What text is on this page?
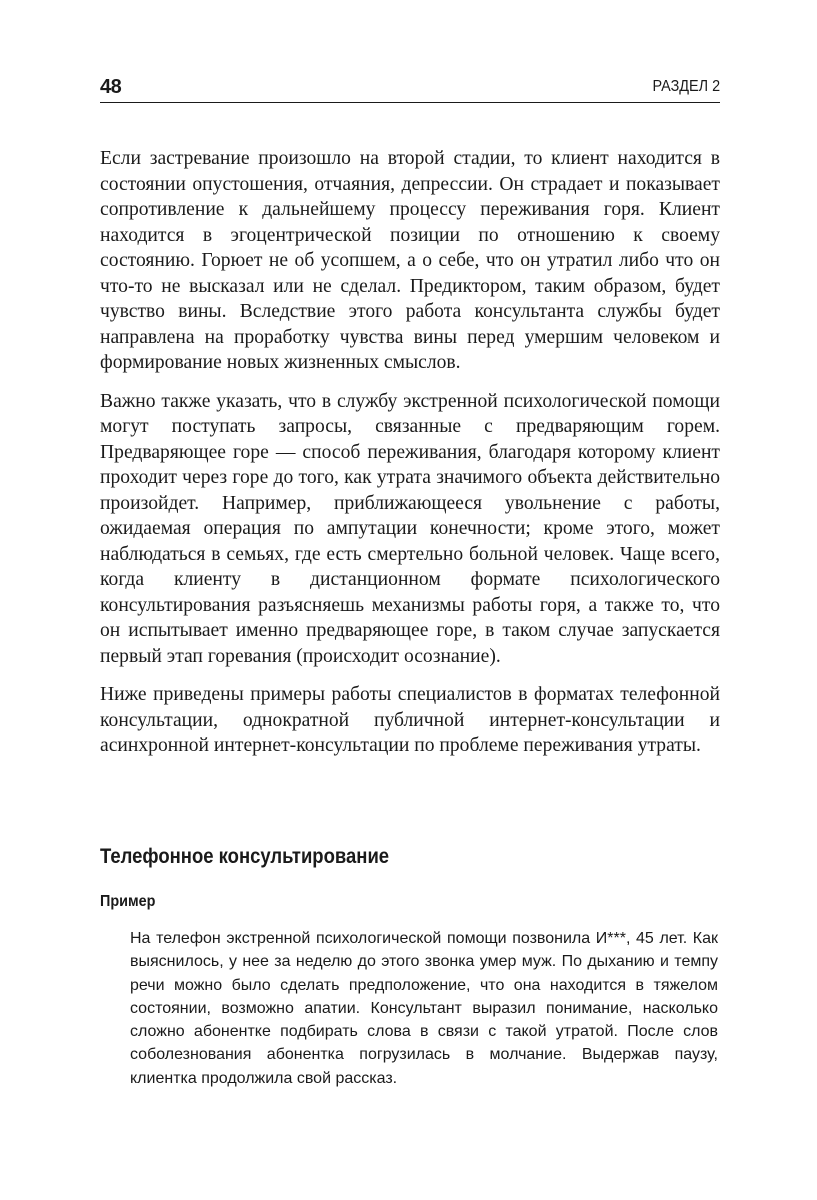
48	РАЗДЕЛ 2

Если застревание произошло на второй стадии, то клиент находится в состоянии опустошения, отчаяния, депрессии. Он страдает и показывает сопротивление к дальнейшему процессу переживания горя. Клиент находится в эгоцентрической позиции по отношению к своему состоянию. Горюет не об усопшем, а о себе, что он утратил либо что он что-то не высказал или не сделал. Предиктором, таким образом, будет чувство вины. Вследствие этого работа консультанта службы будет направлена на проработку чувства вины перед умершим человеком и формирование новых жизненных смыслов.

Важно также указать, что в службу экстренной психологической помощи могут поступать запросы, связанные с предваряющим горем. Предваряющее горе — способ переживания, благодаря которому клиент проходит через горе до того, как утрата значимого объекта действительно произойдет. Например, приближающееся увольнение с работы, ожидаемая операция по ампутации конечности; кроме этого, может наблюдаться в семьях, где есть смертельно больной человек. Чаще всего, когда клиенту в дистанционном формате психологического консультирования разъясняешь механизмы работы горя, а также то, что он испытывает именно предваряющее горе, в таком случае запускается первый этап горевания (происходит осознание).

Ниже приведены примеры работы специалистов в форматах телефонной консультации, однократной публичной интернет-консультации и асинхронной интернет-консультации по проблеме переживания утраты.

Телефонное консультирование
Пример
На телефон экстренной психологической помощи позвонила И***, 45 лет. Как выяснилось, у нее за неделю до этого звонка умер муж. По дыханию и темпу речи можно было сделать предположение, что она находится в тяжелом состоянии, возможно апатии. Консультант выразил понимание, насколько сложно абонентке подбирать слова в связи с такой утратой. После слов соболезнования абонентка погрузилась в молчание. Выдержав паузу, клиентка продолжила свой рассказ.
